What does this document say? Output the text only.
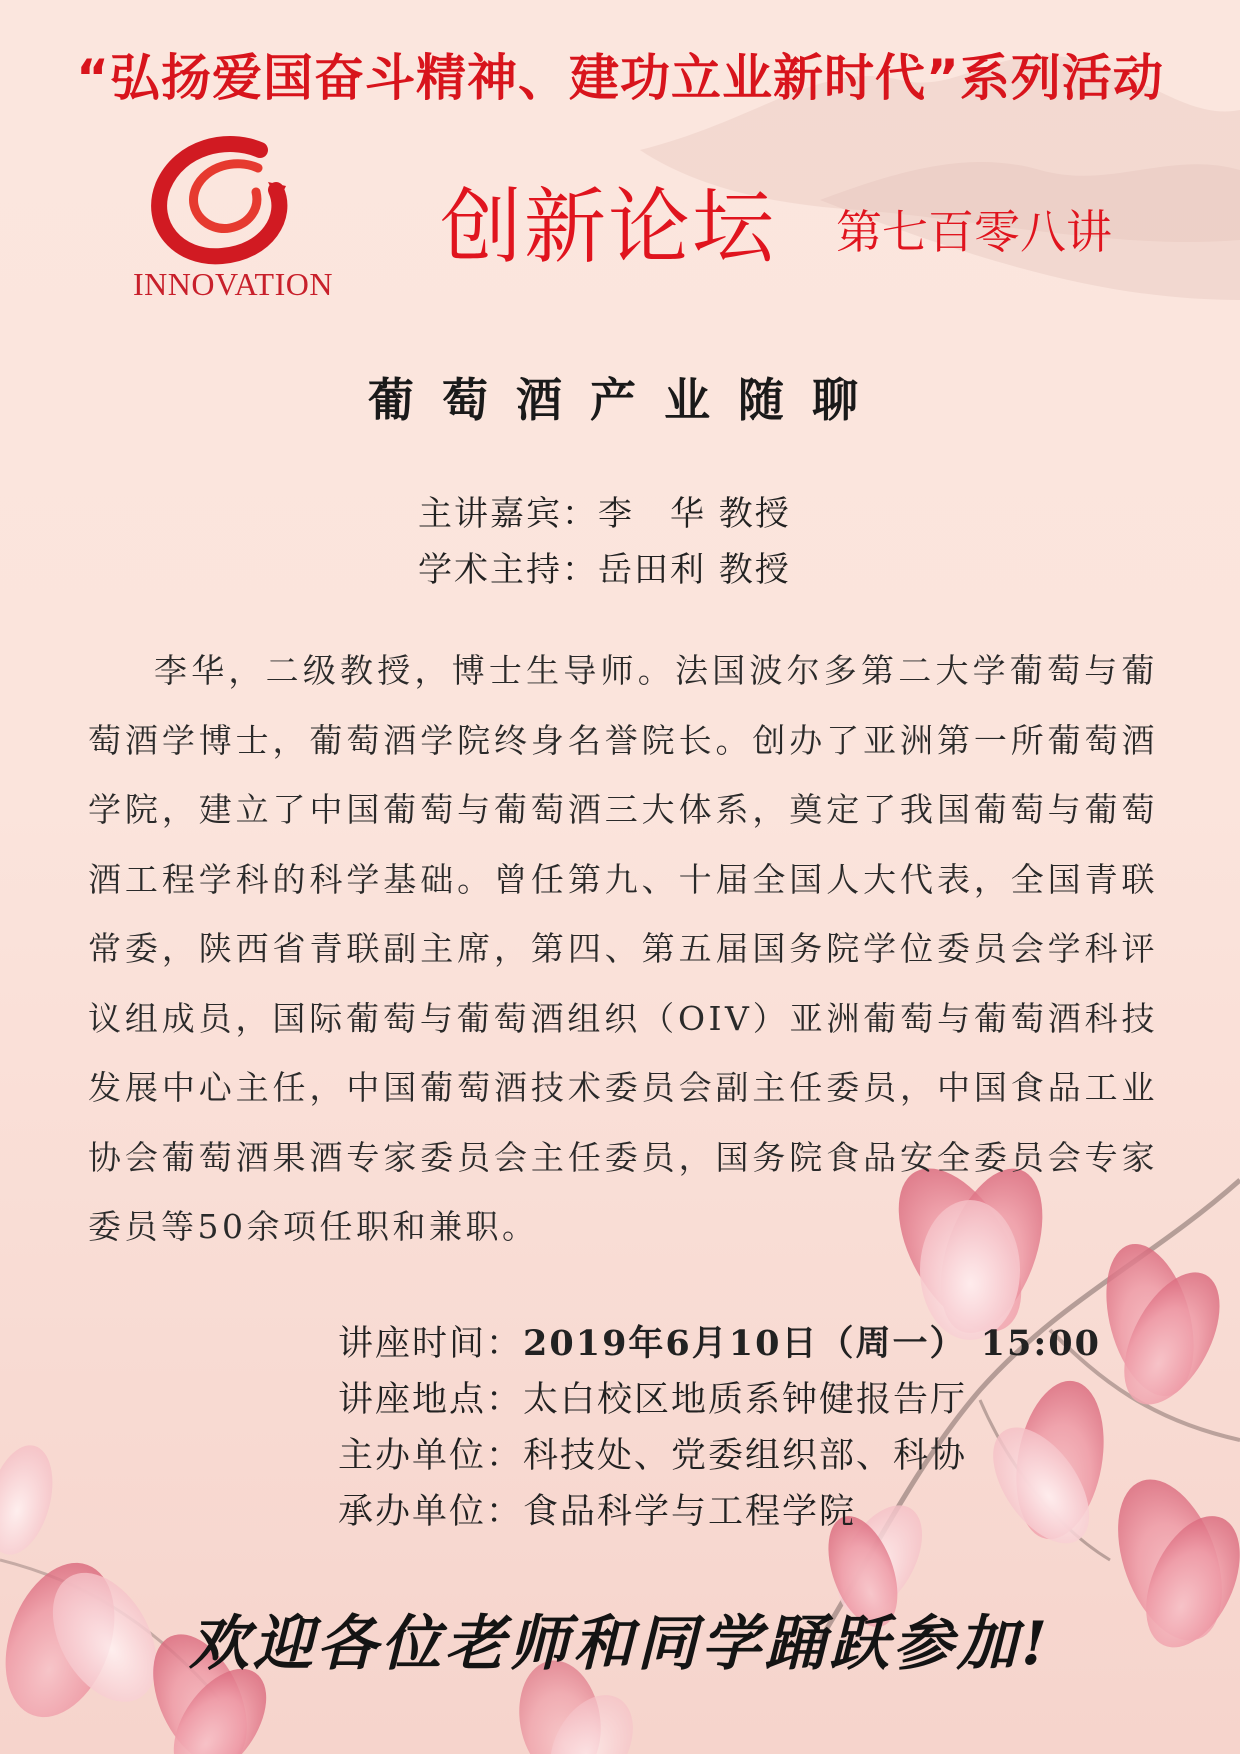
“弘扬爱国奋斗精神、建功立业新时代”系列活动
INNOVATION
创新论坛 第七百零八讲
葡萄酒产业随聊
主讲嘉宾：李　华 教授
学术主持：岳田利 教授
李华，二级教授，博士生导师。法国波尔多第二大学葡萄与葡萄酒学博士，葡萄酒学院终身名誉院长。创办了亚洲第一所葡萄酒学院，建立了中国葡萄与葡萄酒三大体系，奠定了我国葡萄与葡萄酒工程学科的科学基础。曾任第九、十届全国人大代表，全国青联常委，陕西省青联副主席，第四、第五届国务院学位委员会学科评议组成员，国际葡萄与葡萄酒组织（OIV）亚洲葡萄与葡萄酒科技发展中心主任，中国葡萄酒技术委员会副主任委员，中国食品工业协会葡萄酒果酒专家委员会主任委员，国务院食品安全委员会专家委员等50余项任职和兼职。
讲座时间：2019年6月10日（周一） 15:00
讲座地点：太白校区地质系钟健报告厅
主办单位：科技处、党委组织部、科协
承办单位：食品科学与工程学院
欢迎各位老师和同学踊跃参加!
